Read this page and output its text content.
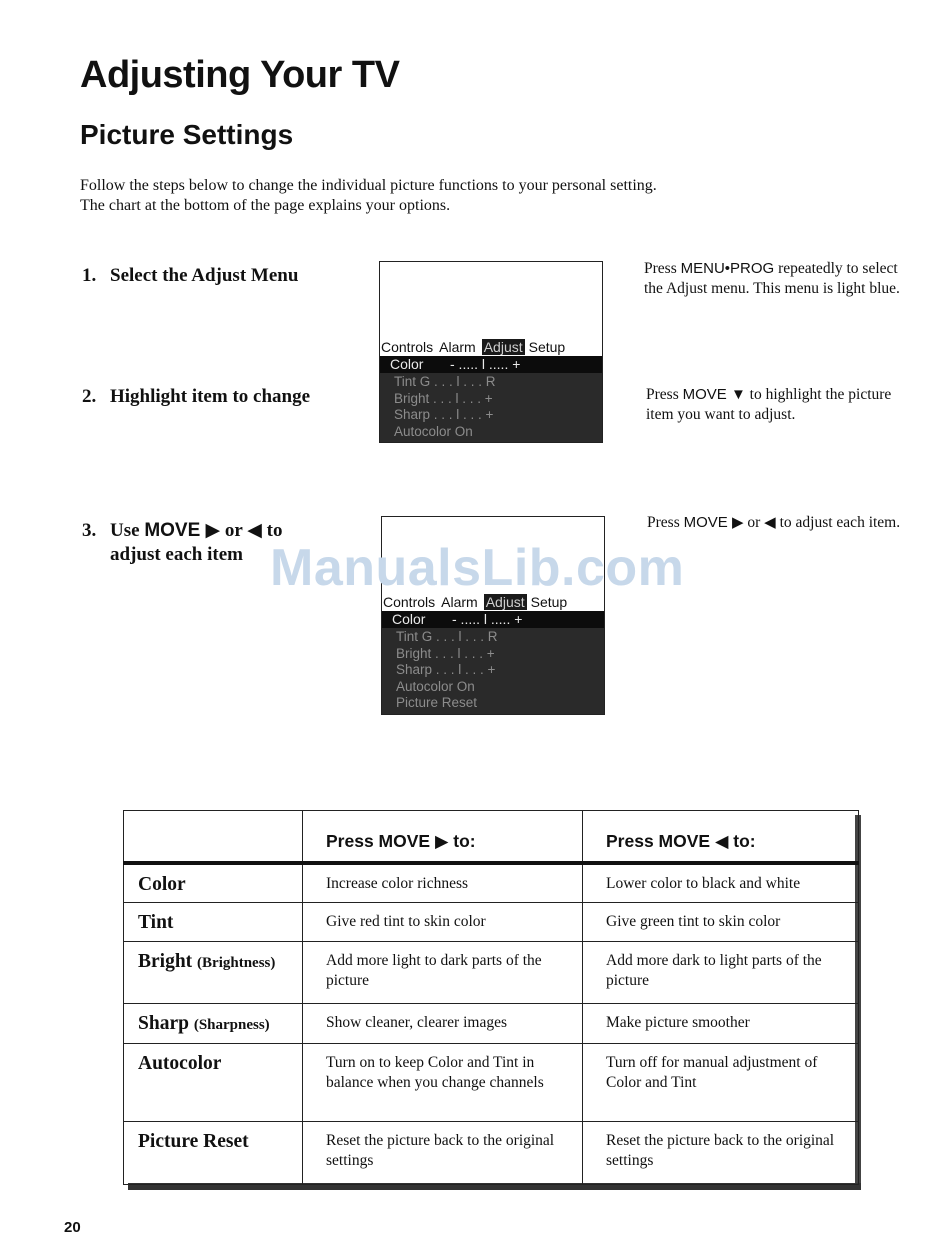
Adjusting Your TV
Picture Settings
Follow the steps below to change the individual picture functions to your personal setting. The chart at the bottom of the page explains your options.
1. Select the Adjust Menu	Press MENU•PROG repeatedly to select the Adjust menu. This menu is light blue.
2. Highlight item to change	Press MOVE ▼ to highlight the picture item you want to adjust.
Controls Alarm Adjust Setup
Color - ..... l ..... +
Tint G . . . l . . . R
Bright . . . l . . . +
Sharp . . . l . . . +
Autocolor On
3. Use MOVE ▶ or ◀ to
adjust each item
Press MOVE ▶ or ◀ to adjust each item.
Controls Alarm Adjust Setup
Color - ..... l ..... +
Tint G . . . l . . . R
Bright . . . l . . . +
Sharp . . . l . . . +
Autocolor On
Picture Reset
ManualsLib.com
	Press MOVE ▶ to:	Press MOVE ◀ to:
Color	Increase color richness	Lower color to black and white
Tint	Give red tint to skin color	Give green tint to skin color
Bright (Brightness)	Add more light to dark parts of the picture	Add more dark to light parts of the picture
Sharp (Sharpness)	Show cleaner, clearer images	Make picture smoother
Autocolor	Turn on to keep Color and Tint in balance when you change channels	Turn off for manual adjustment of Color and Tint
Picture Reset	Reset the picture back to the original settings	Reset the picture back to the original settings
20
